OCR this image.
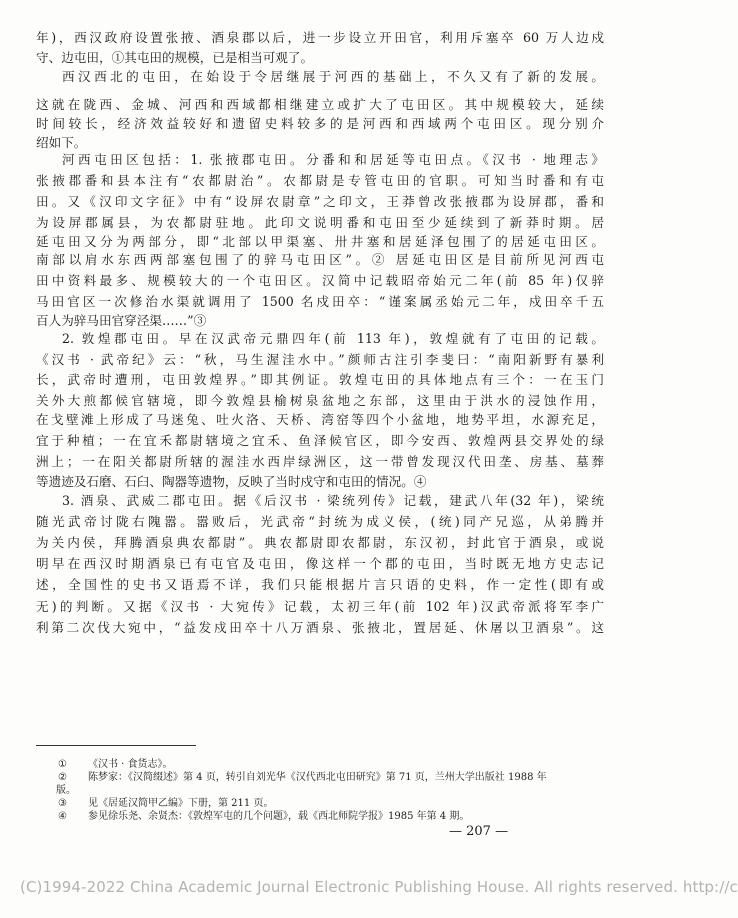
年)，西汉政府设置张掖、酒泉郡以后，进一步设立开田官，利用斥塞卒 60 万人边戍
守、边屯田，①其屯田的规模，已是相当可观了。
西汉西北的屯田，在始设于令居继展于河西的基础上，不久又有了新的发展。
这就在陇西、金城、河西和西域都相继建立或扩大了屯田区。其中规模较大，延续
时间较长，经济效益较好和遗留史料较多的是河西和西域两个屯田区。现分别介
绍如下。
河西屯田区包括：1. 张掖郡屯田。分番和和居延等屯田点。《汉书 · 地理志》
张掖郡番和县本注有“农都尉治”。农都尉是专管屯田的官职。可知当时番和有屯
田。又《汉印文字征》中有“设屏农尉章”之印文，王莽曾改张掖郡为设屏郡，番和
为设屏郡属县，为农都尉驻地。此印文说明番和屯田至少延续到了新莽时期。居
延屯田又分为两部分，即“北部以甲渠塞、卅井塞和居延泽包围了的居延屯田区。
南部以肩水东西两部塞包围了的骍马屯田区”。② 居延屯田区是目前所见河西屯
田中资料最多、规模较大的一个屯田区。汉简中记载昭帝始元二年(前 85 年)仅骍
马田官区一次修治水渠就调用了 1500 名戍田卒：“谨案属丞始元二年，戍田卒千五
百人为骍马田官穿泾渠……”③
2. 敦煌郡屯田。早在汉武帝元鼎四年(前 113 年)，敦煌就有了屯田的记载。
《汉书 · 武帝纪》云：“秋，马生渥洼水中。”颜师古注引李斐曰：“南阳新野有暴利
长，武帝时遭刑，屯田敦煌界。”即其例证。敦煌屯田的具体地点有三个：一在玉门
关外大煎都候官辖境，即今敦煌县榆树泉盆地之东部，这里由于洪水的浸蚀作用，
在戈壁滩上形成了马迷兔、吐火洛、天桥、湾窑等四个小盆地，地势平坦，水源充足，
宜于种植；一在宜禾都尉辖境之宜禾、鱼泽候官区，即今安西、敦煌两县交界处的绿
洲上；一在阳关都尉所辖的渥洼水西岸绿洲区，这一带曾发现汉代田垄、房基、墓葬
等遗迹及石磨、石臼、陶器等遗物，反映了当时戍守和屯田的情况。④
3. 酒泉、武威二郡屯田。据《后汉书 · 梁统列传》记载，建武八年(32 年)，梁统
随光武帝讨陇右隗嚣。嚣败后，光武帝“封统为成义侯，(统)同产兄巡，从弟腾并
为关内侯，拜腾酒泉典农都尉”。典农都尉即农都尉，东汉初，封此官于酒泉，或说
明早在西汉时期酒泉已有屯官及屯田，像这样一个郡的屯田，当时既无地方史志记
述，全国性的史书又语焉不详，我们只能根据片言只语的史料，作一定性(即有或
无)的判断。又据《汉书 · 大宛传》记载，太初三年(前 102 年)汉武帝派将军李广
利第二次伐大宛中，“益发戍田卒十八万酒泉、张掖北，置居延、休屠以卫酒泉”。这
① 《汉书 · 食货志》。
② 陈梦家：《汉简缀述》第 4 页，转引自刘光华《汉代西北屯田研究》第 71 页，兰州大学出版社 1988 年
版。
③ 见《居延汉简甲乙编》下册，第 211 页。
④ 参见徐乐尧、余贤杰：《敦煌军屯的几个问题》，载《西北师院学报》1985 年第 4 期。
— 207 —
(C)1994-2022 China Academic Journal Electronic Publishing House. All rights reserved. http://c
